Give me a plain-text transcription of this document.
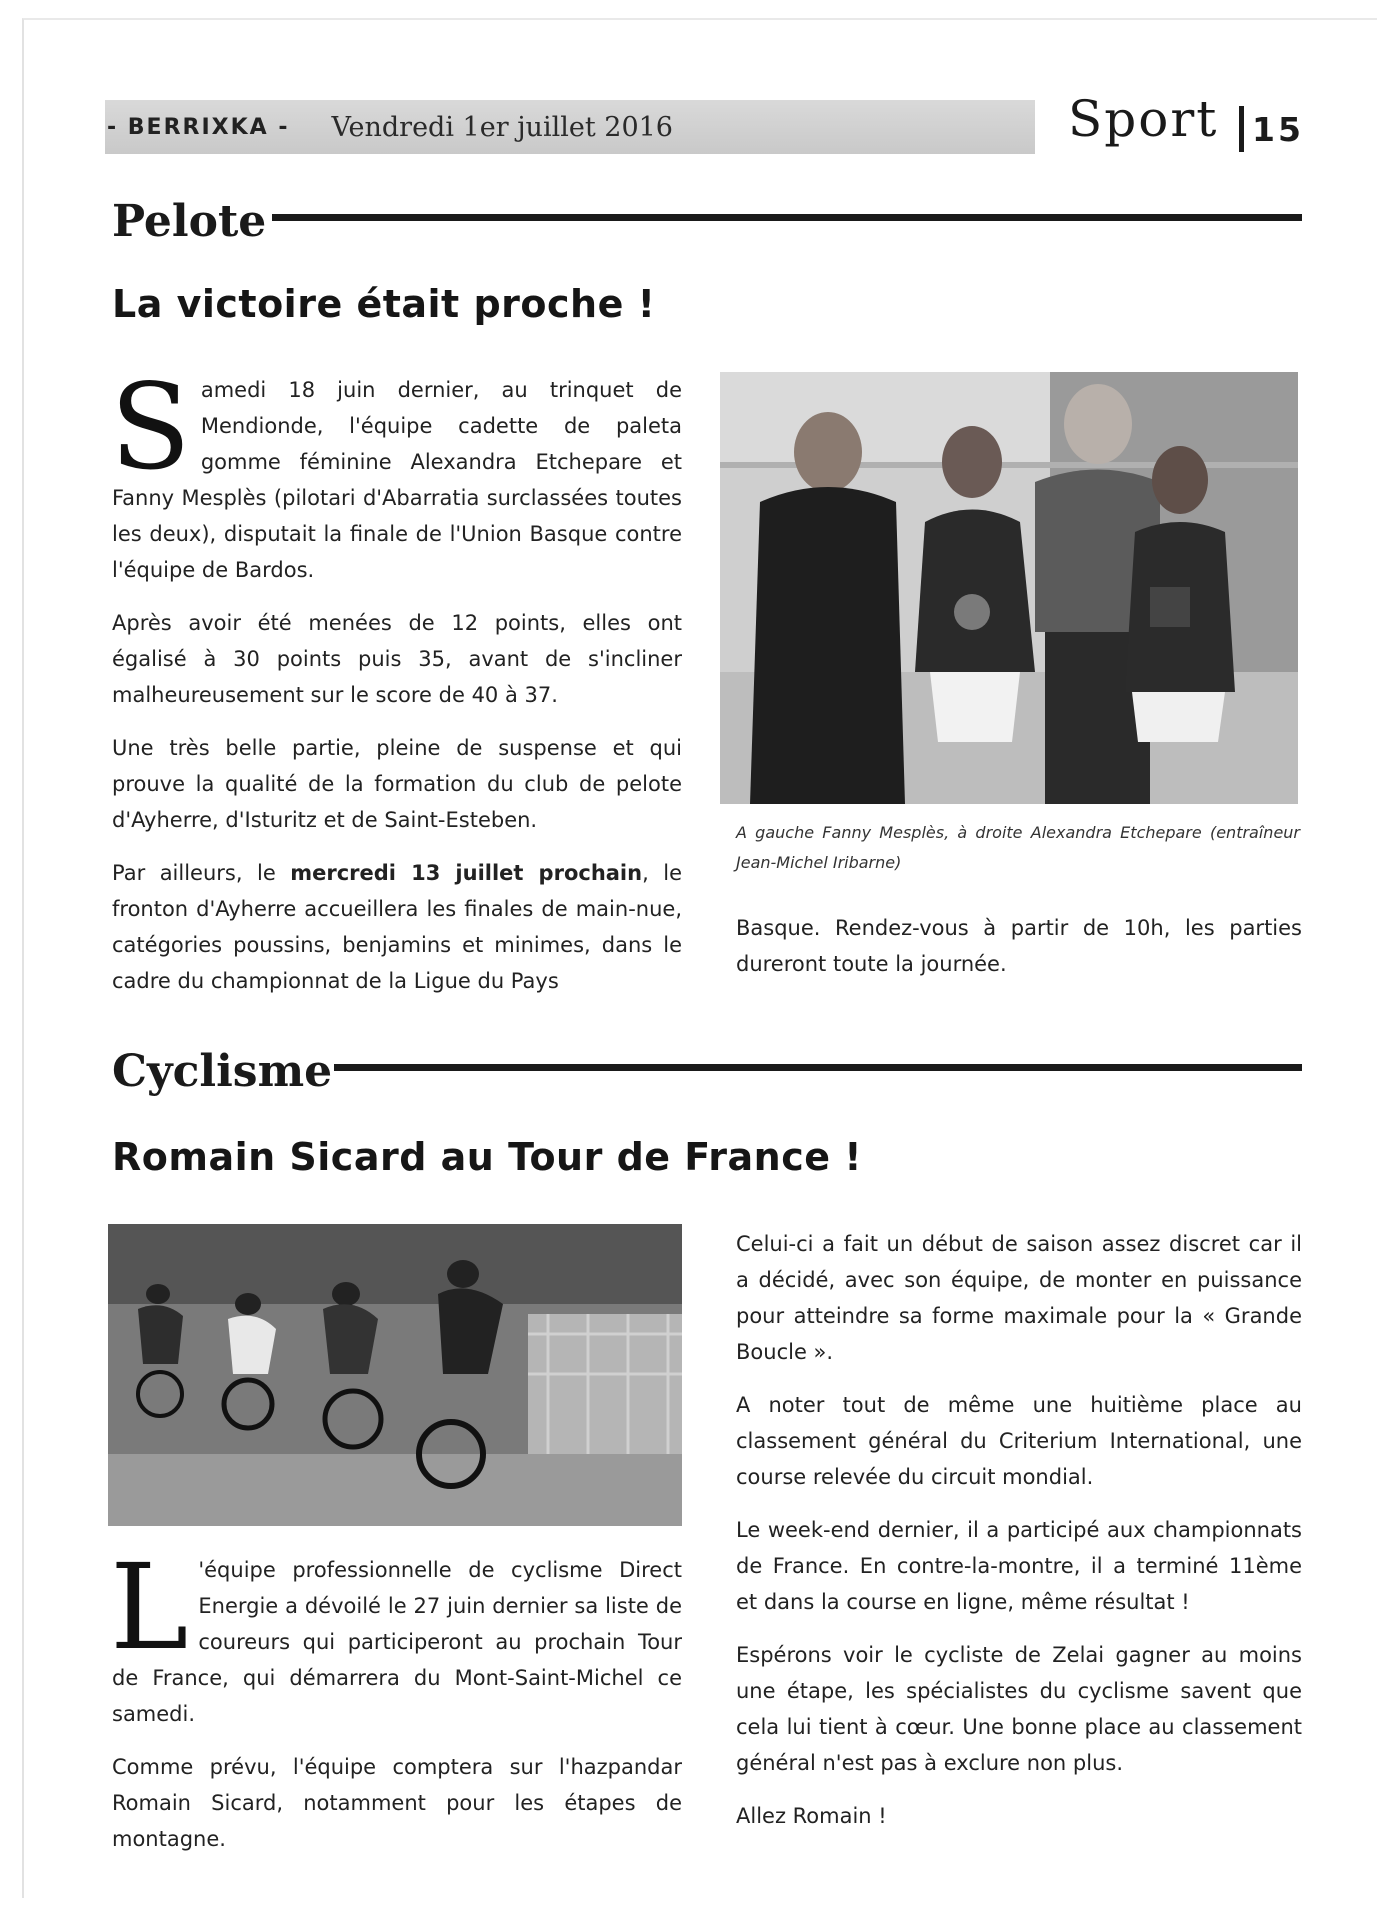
- BERRIXKA - Vendredi 1er juillet 2016	Sport 15
Pelote
La victoire était proche !

Samedi 18 juin dernier, au trinquet de Mendionde, l'équipe cadette de paleta gomme féminine Alexandra Etchepare et Fanny Mesplès (pilotari d'Abarratia surclassées toutes les deux), disputait la finale de l'Union Basque contre l'équipe de Bardos.

Après avoir été menées de 12 points, elles ont égalisé à 30 points puis 35, avant de s'incliner malheureusement sur le score de 40 à 37.

Une très belle partie, pleine de suspense et qui prouve la qualité de la formation du club de pelote d'Ayherre, d'Isturitz et de Saint-Esteben.

Par ailleurs, le mercredi 13 juillet prochain, le fronton d'Ayherre accueillera les finales de main-nue, catégories poussins, benjamins et minimes, dans le cadre du championnat de la Ligue du Pays

A gauche Fanny Mesplès, à droite Alexandra Etchepare (entraîneur Jean-Michel Iribarne)

Basque. Rendez-vous à partir de 10h, les parties dureront toute la journée.

Cyclisme
Romain Sicard au Tour de France !

L 'équipe professionnelle de cyclisme Direct Energie a dévoilé le 27 juin dernier sa liste de coureurs qui participeront au prochain Tour de France, qui démarrera du Mont-Saint-Michel ce samedi.

Comme prévu, l'équipe comptera sur l'hazpandar Romain Sicard, notamment pour les étapes de montagne.

Celui-ci a fait un début de saison assez discret car il a décidé, avec son équipe, de monter en puissance pour atteindre sa forme maximale pour la « Grande Boucle ».

A noter tout de même une huitième place au classement général du Criterium International, une course relevée du circuit mondial.

Le week-end dernier, il a participé aux championnats de France. En contre-la-montre, il a terminé 11ème et dans la course en ligne, même résultat !

Espérons voir le cycliste de Zelai gagner au moins une étape, les spécialistes du cyclisme savent que cela lui tient à cœur. Une bonne place au classement général n'est pas à exclure non plus.

Allez Romain !
